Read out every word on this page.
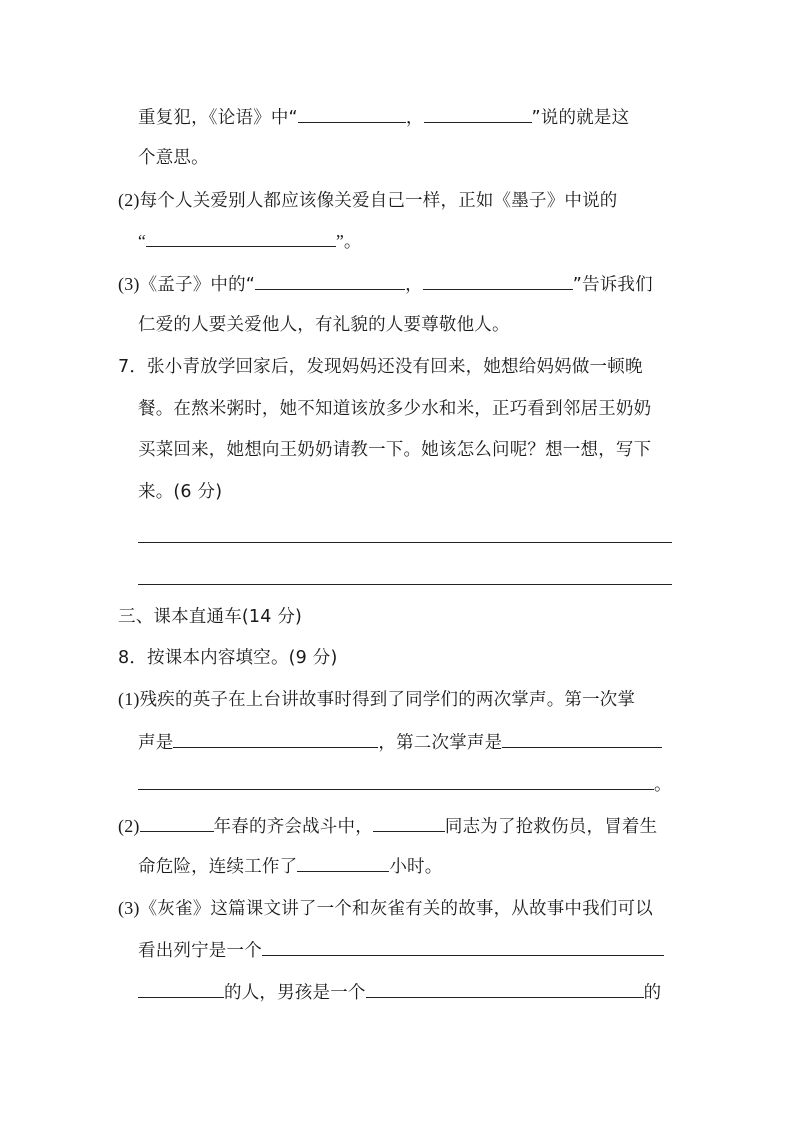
重复犯，《论语》中“	，	”说的就是这
个意思。
(2)每个人关爱别人都应该像关爱自己一样，正如《墨子》中说的
“	”。
(3)《孟子》中的“	，	”告诉我们
仁爱的人要关爱他人，有礼貌的人要尊敬他人。
7．张小青放学回家后，发现妈妈还没有回来，她想给妈妈做一顿晚
餐。在熬米粥时，她不知道该放多少水和米，正巧看到邻居王奶奶
买菜回来，她想向王奶奶请教一下。她该怎么问呢？想一想，写下
来。(6 分)
三、课本直通车(14 分)
8．按课本内容填空。(9 分)
(1)残疾的英子在上台讲故事时得到了同学们的两次掌声。第一次掌
声是	，第二次掌声是
。
(2)	年春的齐会战斗中，	同志为了抢救伤员，冒着生
命危险，连续工作了	小时。
(3)《灰雀》这篇课文讲了一个和灰雀有关的故事，从故事中我们可以
看出列宁是一个
的人，男孩是一个	的
